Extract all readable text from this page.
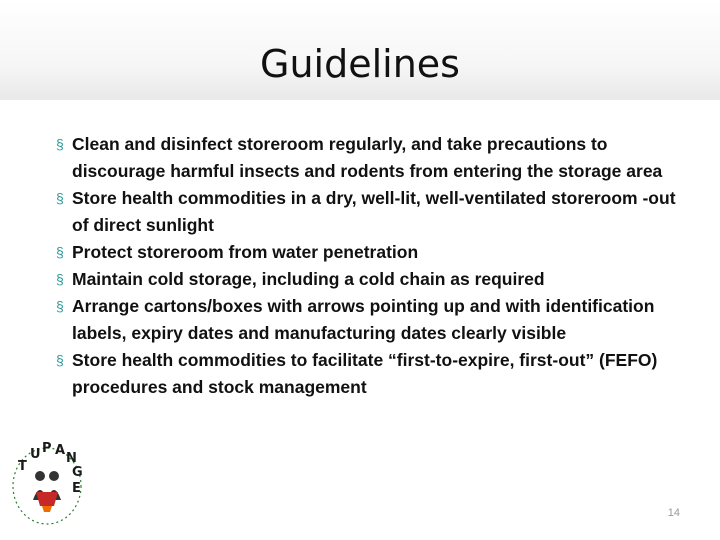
Guidelines
§ Clean and disinfect storeroom regularly, and take precautions to discourage harmful insects and rodents from entering the storage area
§ Store health commodities in a dry, well-lit, well-ventilated storeroom -out of direct sunlight
§ Protect storeroom from water penetration
§ Maintain cold storage, including a cold chain as required
§ Arrange cartons/boxes with arrows pointing up and with identification labels, expiry dates and manufacturing dates clearly visible
§ Store health commodities to facilitate “first-to-expire, first-out” (FEFO) procedures and stock management
T
U P A
N
G
E
14
